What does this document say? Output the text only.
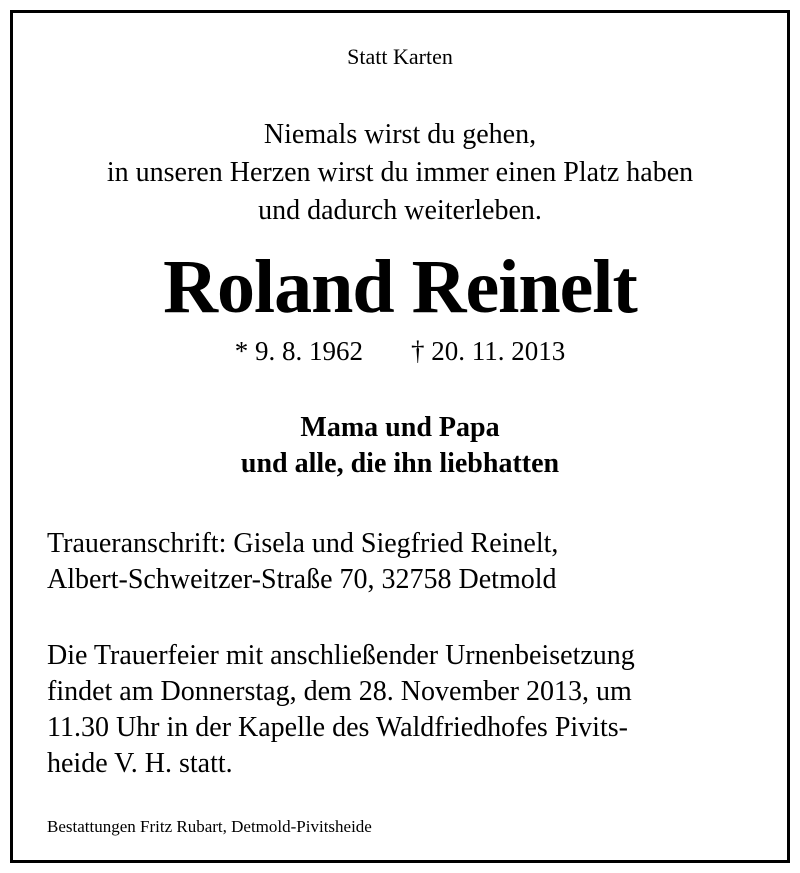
Statt Karten
Niemals wirst du gehen,
in unseren Herzen wirst du immer einen Platz haben
und dadurch weiterleben.
Roland Reinelt
* 9. 8. 1962 † 20. 11. 2013
Mama und Papa
und alle, die ihn liebhatten
Traueranschrift: Gisela und Siegfried Reinelt,
Albert-Schweitzer-Straße 70, 32758 Detmold
Die Trauerfeier mit anschließender Urnenbeisetzung
findet am Donnerstag, dem 28. November 2013, um
11.30 Uhr in der Kapelle des Waldfriedhofes Pivits-
heide V. H. statt.
Bestattungen Fritz Rubart, Detmold-Pivitsheide
